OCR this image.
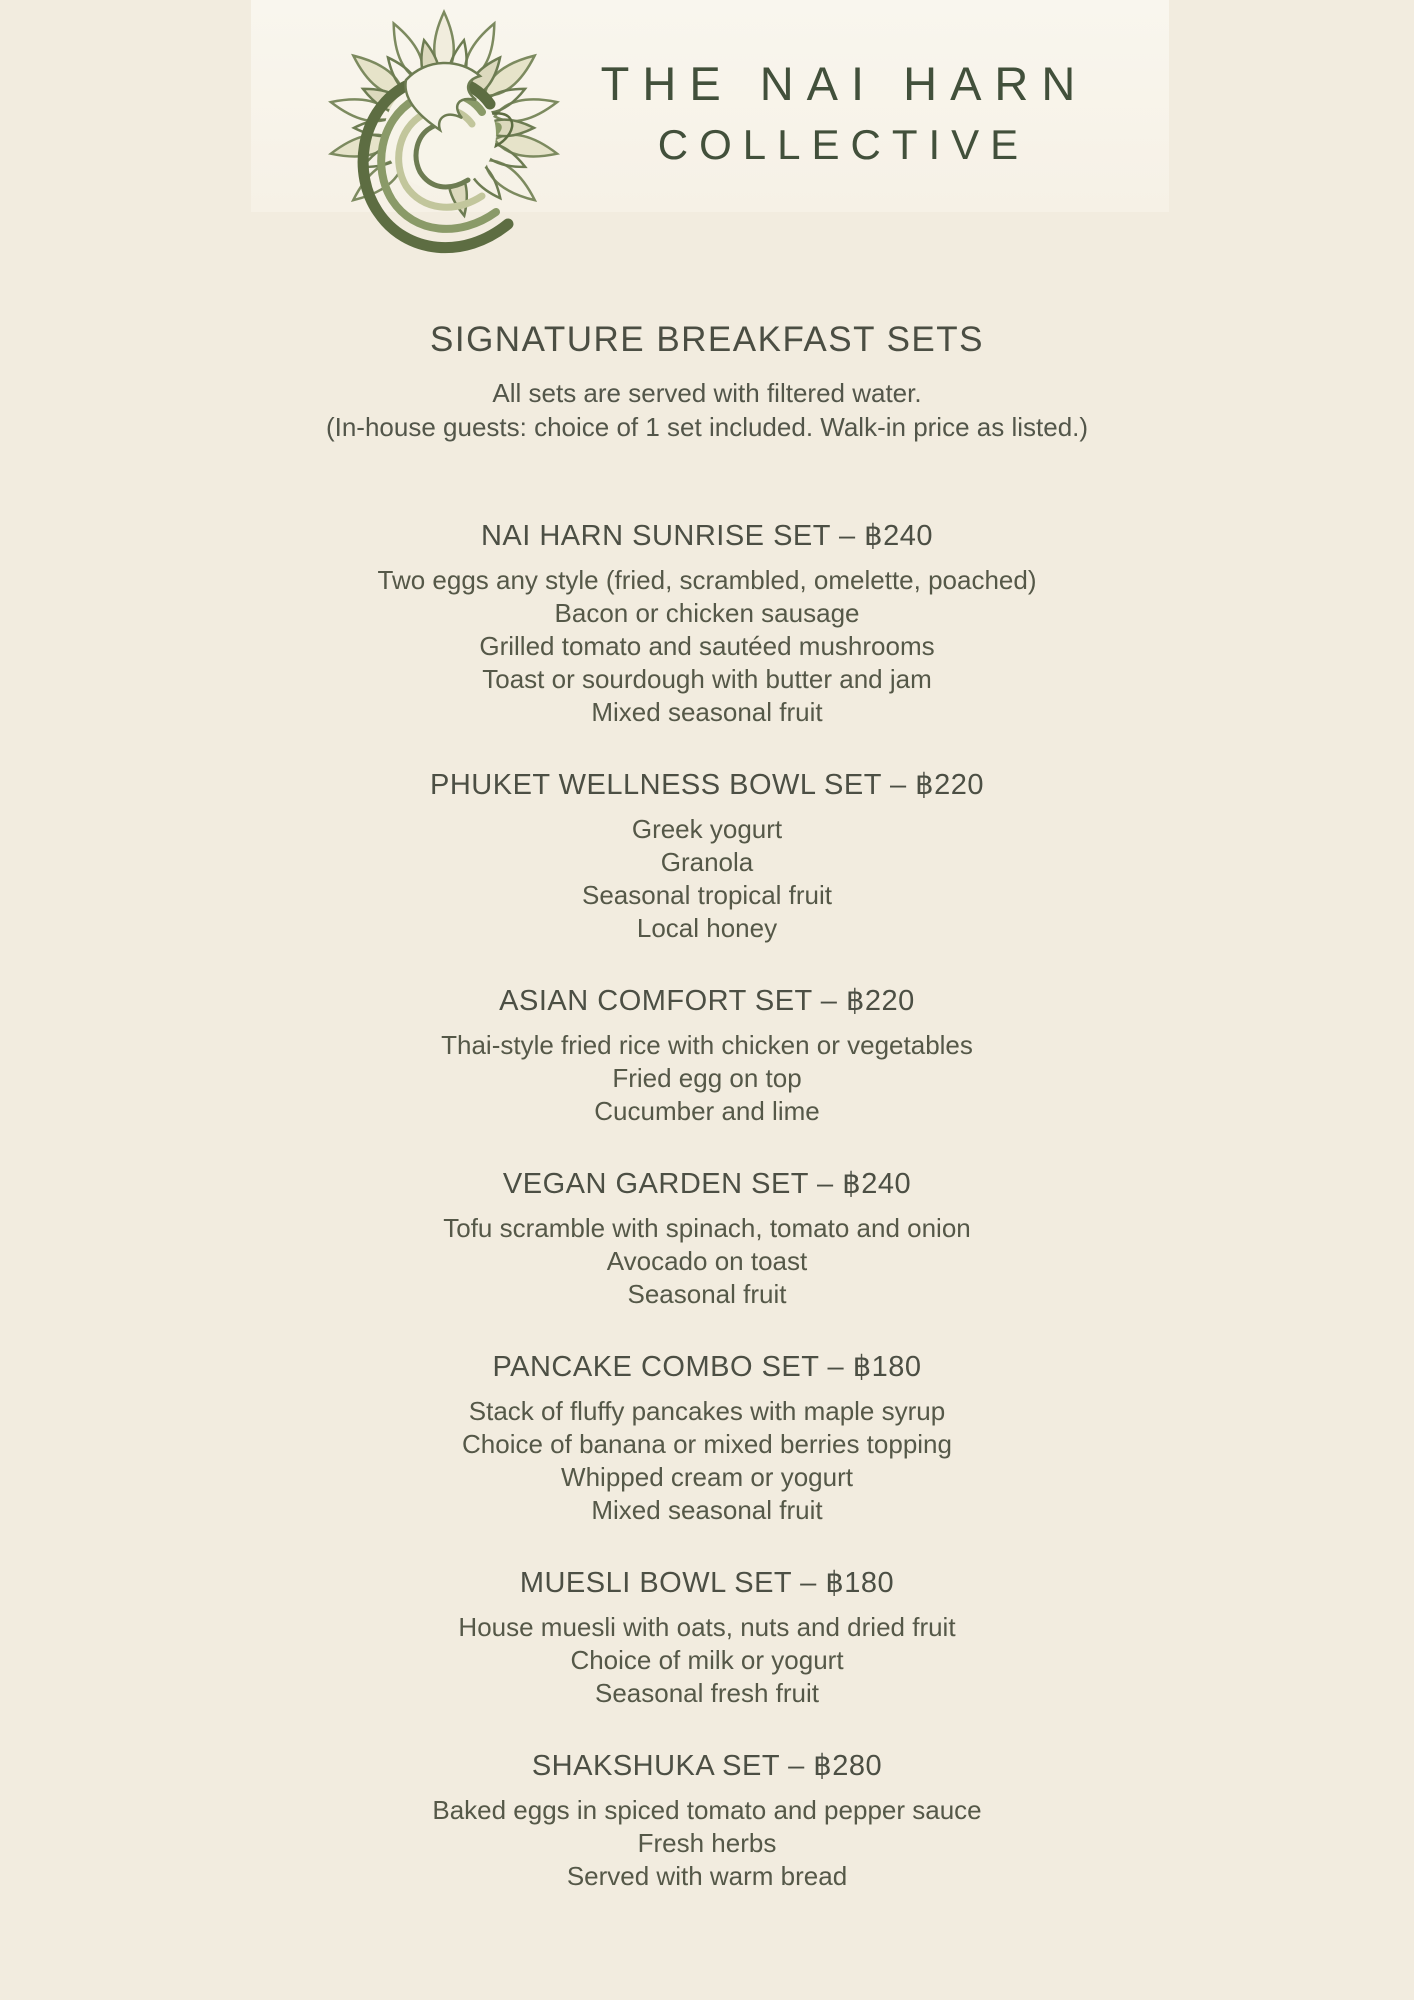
THE NAI HARN
COLLECTIVE
SIGNATURE BREAKFAST SETS
All sets are served with filtered water.
(In-house guests: choice of 1 set included. Walk-in price as listed.)
NAI HARN SUNRISE SET – ฿240
Two eggs any style (fried, scrambled, omelette, poached)
Bacon or chicken sausage
Grilled tomato and sautéed mushrooms
Toast or sourdough with butter and jam
Mixed seasonal fruit
PHUKET WELLNESS BOWL SET – ฿220
Greek yogurt
Granola
Seasonal tropical fruit
Local honey
ASIAN COMFORT SET – ฿220
Thai-style fried rice with chicken or vegetables
Fried egg on top
Cucumber and lime
VEGAN GARDEN SET – ฿240
Tofu scramble with spinach, tomato and onion
Avocado on toast
Seasonal fruit
PANCAKE COMBO SET – ฿180
Stack of fluffy pancakes with maple syrup
Choice of banana or mixed berries topping
Whipped cream or yogurt
Mixed seasonal fruit
MUESLI BOWL SET – ฿180
House muesli with oats, nuts and dried fruit
Choice of milk or yogurt
Seasonal fresh fruit
SHAKSHUKA SET – ฿280
Baked eggs in spiced tomato and pepper sauce
Fresh herbs
Served with warm bread
